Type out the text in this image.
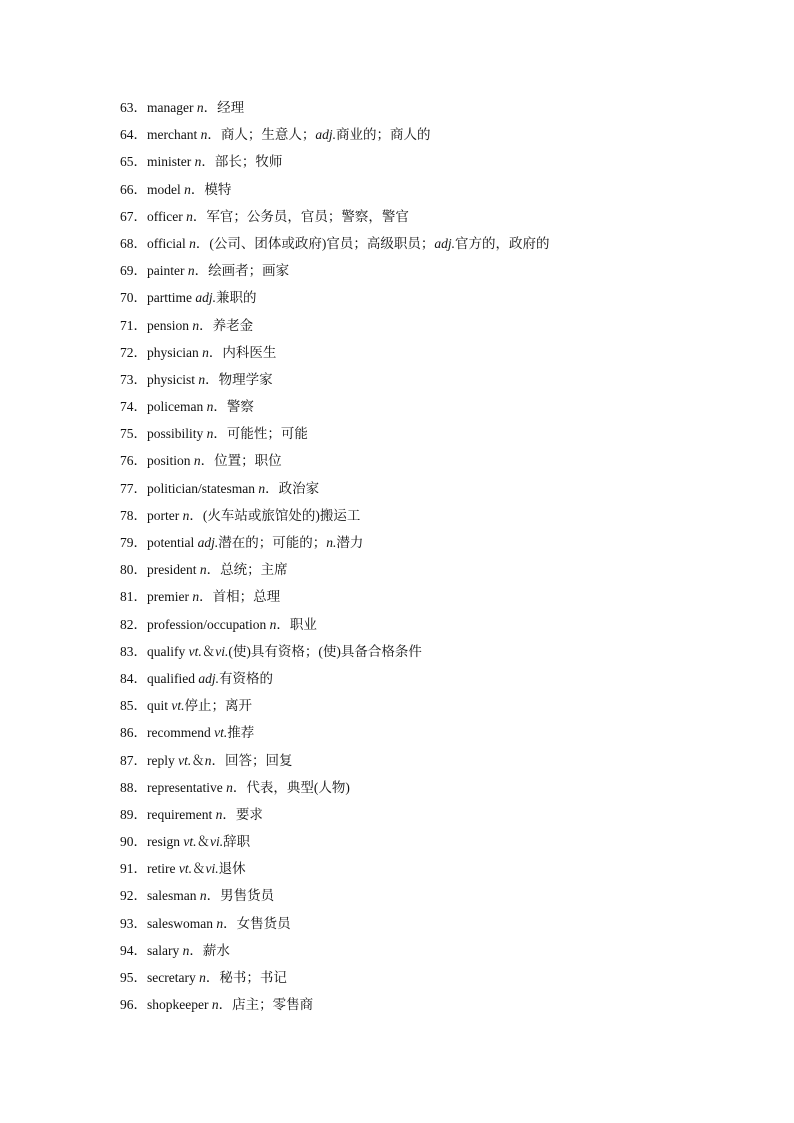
63．manager n．经理
64．merchant n．商人；生意人；adj.商业的；商人的
65．minister n．部长；牧师
66．model n．模特
67．officer n．军官；公务员，官员；警察，警官
68．official n．(公司、团体或政府)官员；高级职员；adj.官方的，政府的
69．painter n．绘画者；画家
70．parttime adj.兼职的
71．pension n．养老金
72．physician n．内科医生
73．physicist n．物理学家
74．policeman n．警察
75．possibility n．可能性；可能
76．position n．位置；职位
77．politician/statesman n．政治家
78．porter n．(火车站或旅馆处的)搬运工
79．potential adj.潜在的；可能的；n.潜力
80．president n．总统；主席
81．premier n．首相；总理
82．profession/occupation n．职业
83．qualify vt.＆vi.(使)具有资格；(使)具备合格条件
84．qualified adj.有资格的
85．quit vt.停止；离开
86．recommend vt.推荐
87．reply vt.＆n．回答；回复
88．representative n．代表，典型(人物)
89．requirement n．要求
90．resign vt.＆vi.辞职
91．retire vt.＆vi.退休
92．salesman n．男售货员
93．saleswoman n．女售货员
94．salary n．薪水
95．secretary n．秘书；书记
96．shopkeeper n．店主；零售商
